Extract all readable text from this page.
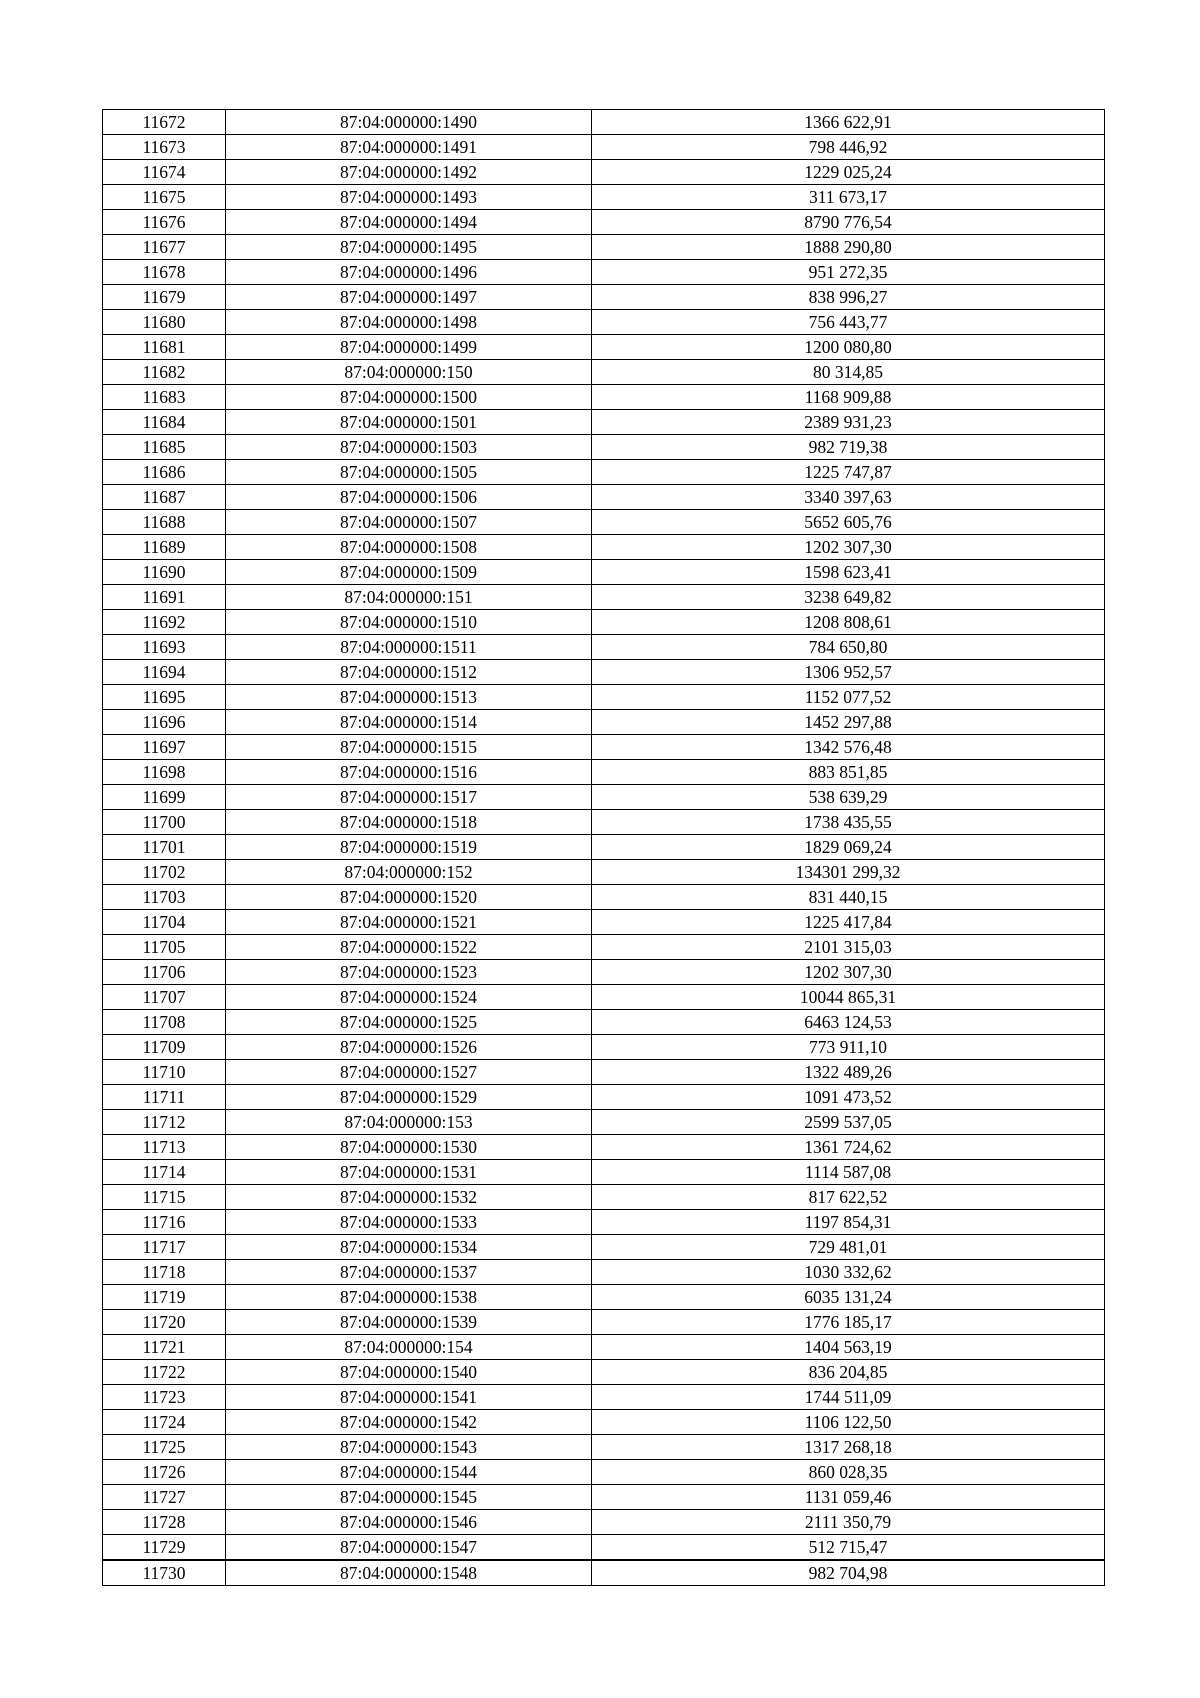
11672	87:04:000000:1490	1366 622,91
11673	87:04:000000:1491	798 446,92
11674	87:04:000000:1492	1229 025,24
11675	87:04:000000:1493	311 673,17
11676	87:04:000000:1494	8790 776,54
11677	87:04:000000:1495	1888 290,80
11678	87:04:000000:1496	951 272,35
11679	87:04:000000:1497	838 996,27
11680	87:04:000000:1498	756 443,77
11681	87:04:000000:1499	1200 080,80
11682	87:04:000000:150	80 314,85
11683	87:04:000000:1500	1168 909,88
11684	87:04:000000:1501	2389 931,23
11685	87:04:000000:1503	982 719,38
11686	87:04:000000:1505	1225 747,87
11687	87:04:000000:1506	3340 397,63
11688	87:04:000000:1507	5652 605,76
11689	87:04:000000:1508	1202 307,30
11690	87:04:000000:1509	1598 623,41
11691	87:04:000000:151	3238 649,82
11692	87:04:000000:1510	1208 808,61
11693	87:04:000000:1511	784 650,80
11694	87:04:000000:1512	1306 952,57
11695	87:04:000000:1513	1152 077,52
11696	87:04:000000:1514	1452 297,88
11697	87:04:000000:1515	1342 576,48
11698	87:04:000000:1516	883 851,85
11699	87:04:000000:1517	538 639,29
11700	87:04:000000:1518	1738 435,55
11701	87:04:000000:1519	1829 069,24
11702	87:04:000000:152	134301 299,32
11703	87:04:000000:1520	831 440,15
11704	87:04:000000:1521	1225 417,84
11705	87:04:000000:1522	2101 315,03
11706	87:04:000000:1523	1202 307,30
11707	87:04:000000:1524	10044 865,31
11708	87:04:000000:1525	6463 124,53
11709	87:04:000000:1526	773 911,10
11710	87:04:000000:1527	1322 489,26
11711	87:04:000000:1529	1091 473,52
11712	87:04:000000:153	2599 537,05
11713	87:04:000000:1530	1361 724,62
11714	87:04:000000:1531	1114 587,08
11715	87:04:000000:1532	817 622,52
11716	87:04:000000:1533	1197 854,31
11717	87:04:000000:1534	729 481,01
11718	87:04:000000:1537	1030 332,62
11719	87:04:000000:1538	6035 131,24
11720	87:04:000000:1539	1776 185,17
11721	87:04:000000:154	1404 563,19
11722	87:04:000000:1540	836 204,85
11723	87:04:000000:1541	1744 511,09
11724	87:04:000000:1542	1106 122,50
11725	87:04:000000:1543	1317 268,18
11726	87:04:000000:1544	860 028,35
11727	87:04:000000:1545	1131 059,46
11728	87:04:000000:1546	2111 350,79
11729	87:04:000000:1547	512 715,47
11730	87:04:000000:1548	982 704,98
